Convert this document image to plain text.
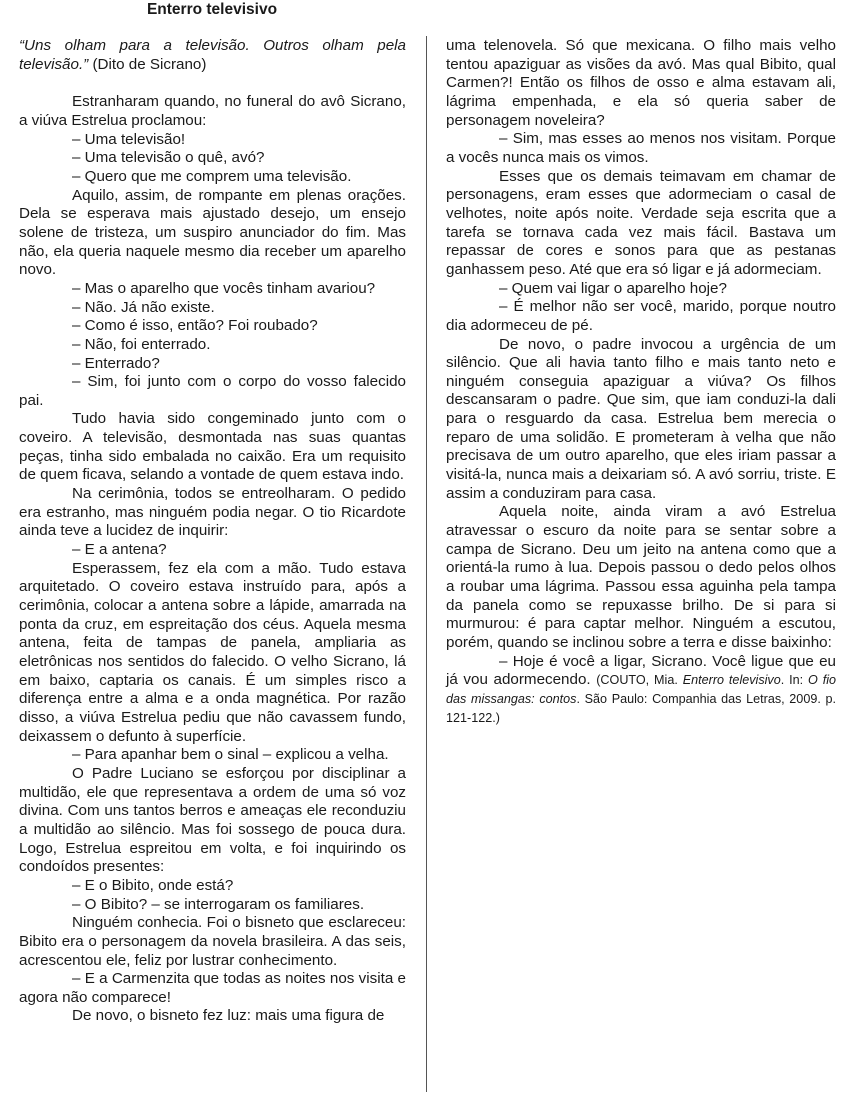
Enterro televisivo

“Uns olham para a televisão. Outros olham pela televisão.” (Dito de Sicrano)

Estranharam quando, no funeral do avô Sicrano, a viúva Estrelua proclamou:

– Uma televisão!

– Uma televisão o quê, avó?

– Quero que me comprem uma televisão.

Aquilo, assim, de rompante em plenas orações. Dela se esperava mais ajustado desejo, um ensejo solene de tristeza, um suspiro anunciador do fim. Mas não, ela queria naquele mesmo dia receber um aparelho novo.

– Mas o aparelho que vocês tinham avariou?

– Não. Já não existe.

– Como é isso, então? Foi roubado?

– Não, foi enterrado.

– Enterrado?

– Sim, foi junto com o corpo do vosso falecido pai.

Tudo havia sido congeminado junto com o coveiro. A televisão, desmontada nas suas quantas peças, tinha sido embalada no caixão. Era um requisito de quem ficava, selando a vontade de quem estava indo.

Na cerimônia, todos se entreolharam. O pedido era estranho, mas ninguém podia negar. O tio Ricardote ainda teve a lucidez de inquirir:

– E a antena?

Esperassem, fez ela com a mão. Tudo estava arquitetado. O coveiro estava instruído para, após a cerimônia, colocar a antena sobre a lápide, amarrada na ponta da cruz, em espreitação dos céus. Aquela mesma antena, feita de tampas de panela, ampliaria as eletrônicas nos sentidos do falecido. O velho Sicrano, lá em baixo, captaria os canais. É um simples risco a diferença entre a alma e a onda magnética. Por razão disso, a viúva Estrelua pediu que não cavassem fundo, deixassem o defunto à superfície.

– Para apanhar bem o sinal – explicou a velha.

O Padre Luciano se esforçou por disciplinar a multidão, ele que representava a ordem de uma só voz divina. Com uns tantos berros e ameaças ele reconduziu a multidão ao silêncio. Mas foi sossego de pouca dura. Logo, Estrelua espreitou em volta, e foi inquirindo os condoídos presentes:

– E o Bibito, onde está?

– O Bibito? – se interrogaram os familiares.

Ninguém conhecia. Foi o bisneto que esclareceu: Bibito era o personagem da novela brasileira. A das seis, acrescentou ele, feliz por lustrar conhecimento.

– E a Carmenzita que todas as noites nos visita e agora não comparece!

De novo, o bisneto fez luz: mais uma figura de

uma telenovela. Só que mexicana. O filho mais velho tentou apaziguar as visões da avó. Mas qual Bibito, qual Carmen?! Então os filhos de osso e alma estavam ali, lágrima empenhada, e ela só queria saber de personagem noveleira?

– Sim, mas esses ao menos nos visitam. Porque a vocês nunca mais os vimos.

Esses que os demais teimavam em chamar de personagens, eram esses que adormeciam o casal de velhotes, noite após noite. Verdade seja escrita que a tarefa se tornava cada vez mais fácil. Bastava um repassar de cores e sonos para que as pestanas ganhassem peso. Até que era só ligar e já adormeciam.

– Quem vai ligar o aparelho hoje?

– É melhor não ser você, marido, porque noutro dia adormeceu de pé.

De novo, o padre invocou a urgência de um silêncio. Que ali havia tanto filho e mais tanto neto e ninguém conseguia apaziguar a viúva? Os filhos descansaram o padre. Que sim, que iam conduzi-la dali para o resguardo da casa. Estrelua bem merecia o reparo de uma solidão. E prometeram à velha que não precisava de um outro aparelho, que eles iriam passar a visitá-la, nunca mais a deixariam só. A avó sorriu, triste. E assim a conduziram para casa.

Aquela noite, ainda viram a avó Estrelua atravessar o escuro da noite para se sentar sobre a campa de Sicrano. Deu um jeito na antena como que a orientá-la rumo à lua. Depois passou o dedo pelos olhos a roubar uma lágrima. Passou essa aguinha pela tampa da panela como se repuxasse brilho. De si para si murmurou: é para captar melhor. Ninguém a escutou, porém, quando se inclinou sobre a terra e disse baixinho:

– Hoje é você a ligar, Sicrano. Você ligue que eu já vou adormecendo. (COUTO, Mia. Enterro televisivo. In: O fio das missangas: contos. São Paulo: Companhia das Letras, 2009. p. 121-122.)
